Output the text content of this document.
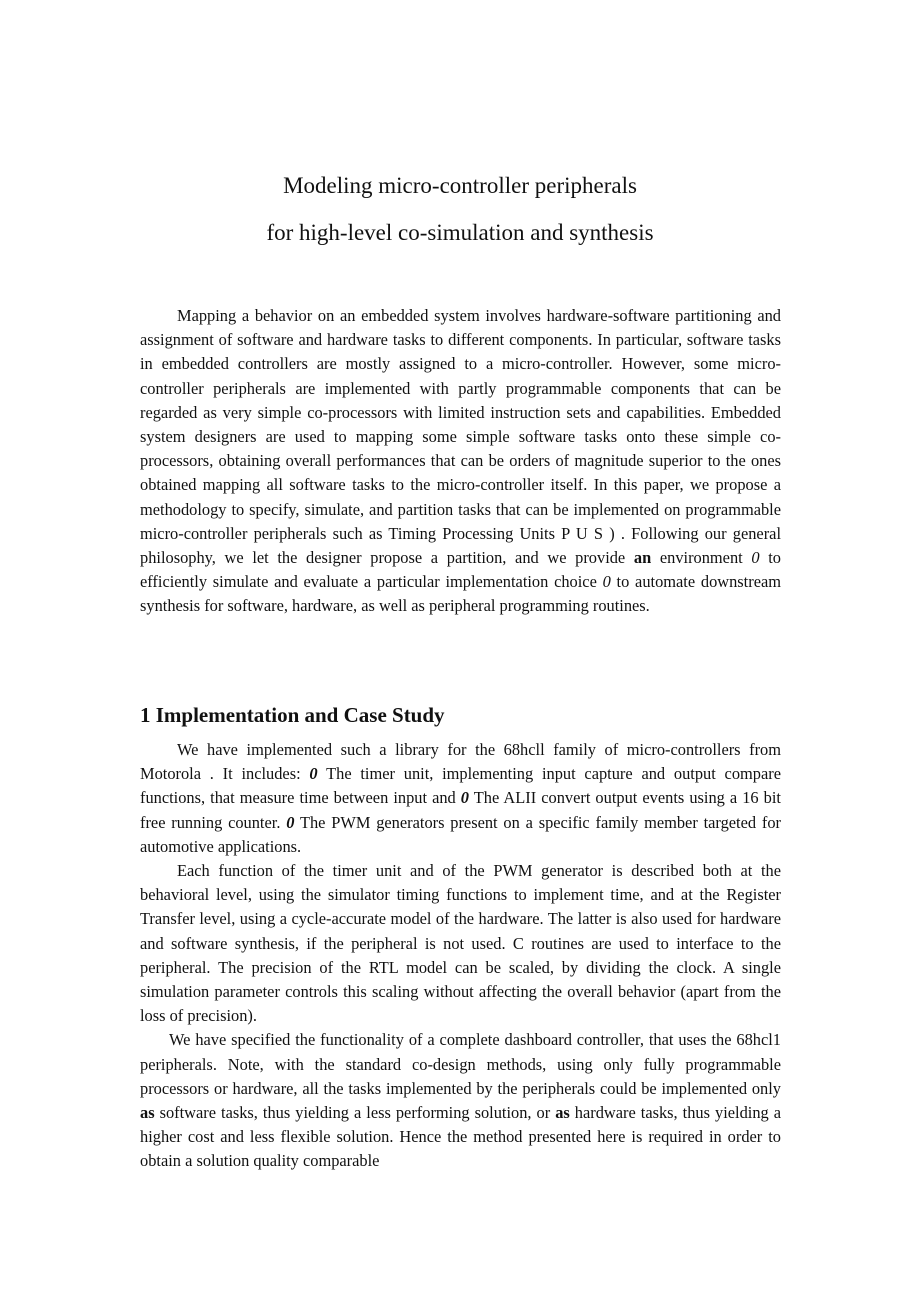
Modeling micro-controller peripherals
for high-level co-simulation and synthesis

Mapping a behavior on an embedded system involves hardware-software partitioning and assignment of software and hardware tasks to different components. In particular, software tasks in embedded controllers are mostly assigned to a micro-controller. However, some micro-controller peripherals are implemented with partly programmable components that can be regarded as very simple co-processors with limited instruction sets and capabilities. Embedded system designers are used to mapping some simple software tasks onto these simple co-processors, obtaining overall performances that can be orders of magnitude superior to the ones obtained mapping all software tasks to the micro-controller itself. In this paper, we propose a methodology to specify, simulate, and partition tasks that can be implemented on programmable micro-controller peripherals such as Timing Processing Units P U S ) . Following our general philosophy, we let the designer propose a partition, and we provide an environment 0 to efficiently simulate and evaluate a particular implementation choice 0 to automate downstream synthesis for software, hardware, as well as peripheral programming routines.

1 Implementation and Case Study

We have implemented such a library for the 68hcll family of micro-controllers from Motorola . It includes: 0 The timer unit, implementing input capture and output compare functions, that measure time between input and 0 The ALII convert output events using a 16 bit free running counter. 0 The PWM generators present on a specific family member targeted for automotive applications.

Each function of the timer unit and of the PWM generator is described both at the behavioral level, using the simulator timing functions to implement time, and at the Register Transfer level, using a cycle-accurate model of the hardware. The latter is also used for hardware and software synthesis, if the peripheral is not used. C routines are used to interface to the peripheral. The precision of the RTL model can be scaled, by dividing the clock. A single simulation parameter controls this scaling without affecting the overall behavior (apart from the loss of precision).

We have specified the functionality of a complete dashboard controller, that uses the 68hcl1 peripherals. Note, with the standard co-design methods, using only fully programmable processors or hardware, all the tasks implemented by the peripherals could be implemented only as software tasks, thus yielding a less performing solution, or as hardware tasks, thus yielding a higher cost and less flexible solution. Hence the method presented here is required in order to obtain a solution quality comparable
